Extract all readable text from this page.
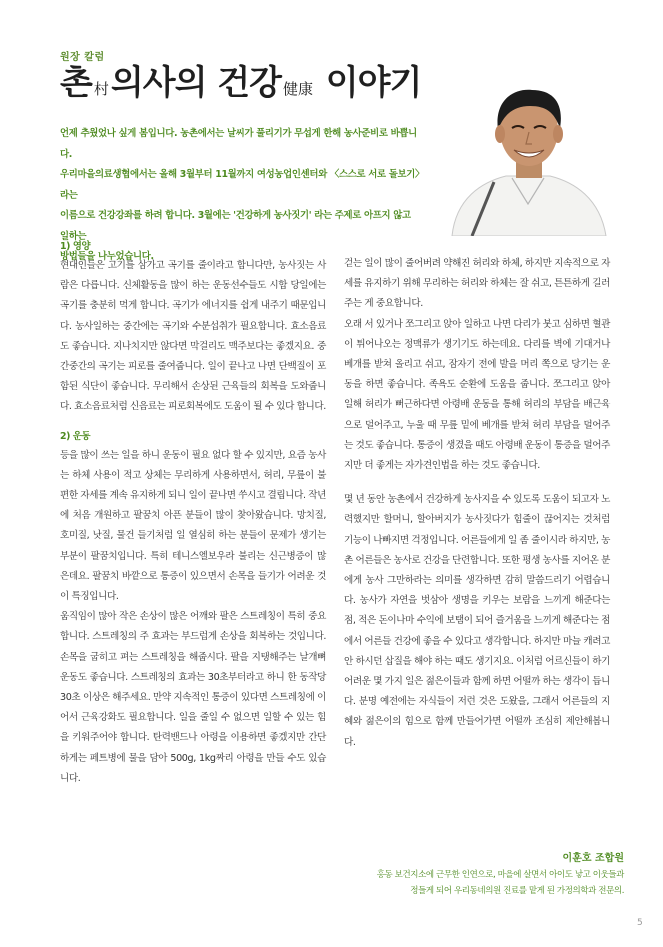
원장 칼럼
촌村의사의 건강 健康 이야기

언제 추웠었나 싶게 봄입니다. 농촌에서는 날씨가 풀리기가 무섭게 한해 농사준비로 바쁩니다.

우리마을의료생협에서는 올해 3월부터 11월까지 여성농업인센터와 〈스스로 서로 돌보기〉라는

이름으로 건강강좌를 하려 합니다. 3월에는 '건강하게 농사짓기' 라는 주제로 아프지 않고 일하는

방법들을 나누었습니다.

1) 영양

현대인들은 고기를 삼가고 곡기를 줄이라고 합니다만, 농사짓는 사람은 다릅니다. 신체활동을 많이 하는 운동선수들도 시합 당일에는 곡기를 충분히 먹게 합니다. 곡기가 에너지를 쉽게 내주기 때문입니다. 농사일하는 중간에는 곡기와 수분섭취가 필요합니다. 효소음료도 좋습니다. 지나치지만 않다면 막걸리도 맥주보다는 좋겠지요. 중간중간의 곡기는 피로를 줄여줍니다. 일이 끝나고 나면 단백질이 포함된 식단이 좋습니다. 무리해서 손상된 근육들의 회복을 도와줍니다. 효소음료처럼 신음료는 피로회복에도 도움이 될 수 있다 합니다.

2) 운동

등을 많이 쓰는 일을 하니 운동이 필요 없다 할 수 있지만, 요즘 농사는 하체 사용이 적고 상체는 무리하게 사용하면서, 허리, 무릎이 불편한 자세를 계속 유지하게 되니 일이 끝나면 쑤시고 결립니다. 작년에 처음 개원하고 팔꿈치 아픈 분들이 많이 찾아왔습니다. 망치질, 호미질, 낫질, 물건 들기처럼 일 열심히 하는 분들이 문제가 생기는 부분이 팔꿈치입니다. 특히 테니스엘보우라 불리는 신근병증이 많은데요. 팔꿈치 바깥으로 통증이 있으면서 손목을 들기가 어려운 것이 특징입니다.

움직임이 많아 작은 손상이 많은 어깨와 팔은 스트레칭이 특히 중요합니다. 스트레칭의 주 효과는 부드럽게 손상을 회복하는 것입니다. 손목을 굽히고 펴는 스트레칭을 해줍시다. 팔을 지탱해주는 날개뼈 운동도 좋습니다. 스트레칭의 효과는 30초부터라고 하니 한 동작당 30초 이상은 해주세요. 만약 지속적인 통증이 있다면 스트레칭에 이어서 근육강화도 필요합니다. 일을 줄일 수 없으면 일할 수 있는 힘을 키워주어야 합니다. 탄력밴드나 아령을 이용하면 좋겠지만 간단하게는 페트병에 물을 담아 500g, 1kg짜리 아령을 만들 수도 있습니다.

걷는 일이 많이 줄어버려 약해진 허리와 하체, 하지만 지속적으로 자세를 유지하기 위해 무리하는 허리와 하체는 잘 쉬고, 튼튼하게 길러주는 게 중요합니다.

오래 서 있거나 쪼그리고 앉아 일하고 나면 다리가 붓고 심하면 혈관이 튀어나오는 정맥류가 생기기도 하는데요. 다리를 벽에 기대거나 베개를 받쳐 올리고 쉬고, 잠자기 전에 발을 머리 쪽으로 당기는 운동을 하면 좋습니다. 족욕도 순환에 도움을 줍니다. 쪼그리고 앉아 일해 허리가 뻐근하다면 아령배 운동을 통해 허리의 부담을 배근육으로 덜어주고, 누울 때 무릎 밑에 베개를 받쳐 허리 부담을 덜어주는 것도 좋습니다. 통증이 생겼을 때도 아령배 운동이 통증을 덜어주지만 더 좋게는 자가견인법을 하는 것도 좋습니다.

몇 년 동안 농촌에서 건강하게 농사지을 수 있도록 도움이 되고자 노력했지만 할머니, 할아버지가 농사짓다가 힘줄이 끊어지는 것처럼 기능이 나빠지면 걱정입니다. 어른들에게 일 좀 줄이시라 하지만, 농촌 어른들은 농사로 건강을 단련합니다. 또한 평생 농사를 지어온 분에게 농사 그만하라는 의미를 생각하면 감히 말씀드리기 어렵습니다. 농사가 자연을 벗삼아 생명을 키우는 보람을 느끼게 해준다는 점, 적은 돈이나마 수익에 보탬이 되어 즐거움을 느끼게 해준다는 점에서 어른들 건강에 좋을 수 있다고 생각합니다. 하지만 마늘 캐려고 안 하시던 삽질을 해야 하는 때도 생기지요. 이처럼 어르신들이 하기 어려운 몇 가지 일은 젊은이들과 함께 하면 어떨까 하는 생각이 듭니다. 분명 예전에는 자식들이 저런 것은 도왔을, 그래서 어른들의 지혜와 젊은이의 힘으로 함께 만들어가면 어떨까 조심히 제안해봅니다.

이훈호 조합원
홍동 보건지소에 근무한 인연으로, 마을에 살면서 아이도 낳고 이웃들과
정들게 되어 우리동네의원 진료를 맡게 된 가정의학과 전문의.
5
